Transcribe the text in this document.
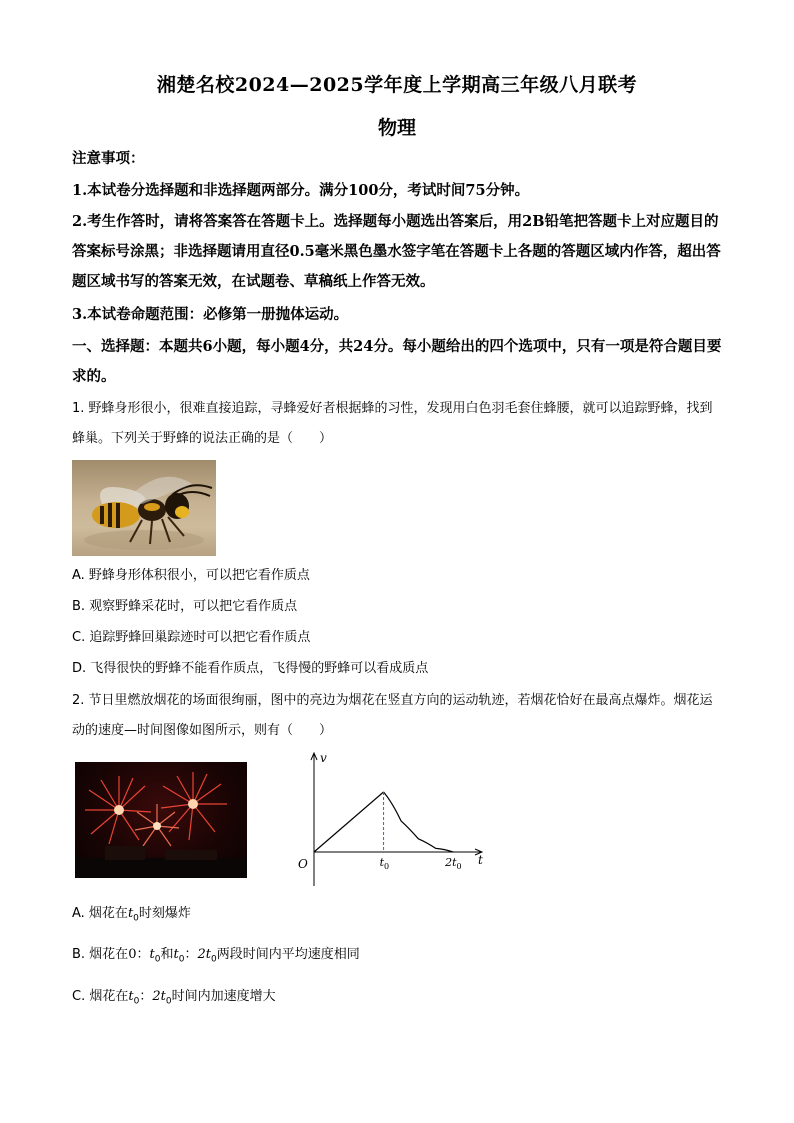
湘楚名校2024—2025学年度上学期高三年级八月联考
物理
注意事项：
1.本试卷分选择题和非选择题两部分。满分100分，考试时间75分钟。
2.考生作答时，请将答案答在答题卡上。选择题每小题选出答案后，用2B铅笔把答题卡上对应题目的答案标号涂黑；非选择题请用直径0.5毫米黑色墨水签字笔在答题卡上各题的答题区域内作答，超出答题区域书写的答案无效，在试题卷、草稿纸上作答无效。
3.本试卷命题范围：必修第一册抛体运动。
一、选择题：本题共6小题，每小题4分，共24分。每小题给出的四个选项中，只有一项是符合题目要求的。
1. 野蜂身形很小，很难直接追踪，寻蜂爱好者根据蜂的习性，发现用白色羽毛套住蜂腰，就可以追踪野蜂，找到蜂巢。下列关于野蜂的说法正确的是（　　）
A. 野蜂身形体积很小，可以把它看作质点
B. 观察野蜂采花时，可以把它看作质点
C. 追踪野蜂回巢踪迹时可以把它看作质点
D. 飞得很快的野蜂不能看作质点，飞得慢的野蜂可以看成质点
2. 节日里燃放烟花的场面很绚丽，图中的亮边为烟花在竖直方向的运动轨迹，若烟花恰好在最高点爆炸。烟花运动的速度—时间图像如图所示，则有（　　）
v
t
O	$t_0$	$2t_0$
A. 烟花在$t_0$时刻爆炸
B. 烟花在0：$t_0$和$t_0$：$2t_0$两段时间内平均速度相同
C. 烟花在$t_0$：$2t_0$时间内加速度增大
